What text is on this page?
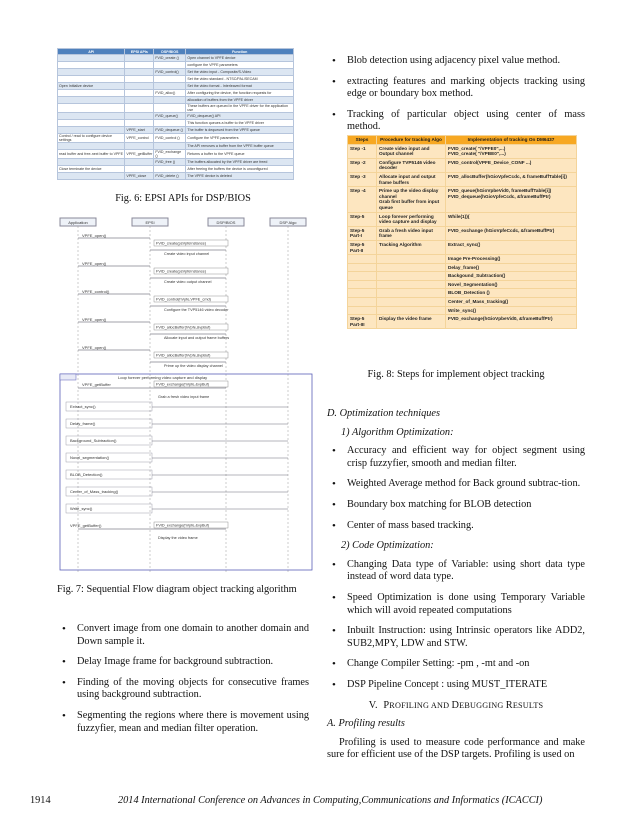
API	EPSI APIs	DSP/BIOS	Function
		FVID_create ()	Open channel to VPFE device
			configure the VPFE parameters
		FVID_control()	Set the video input - Composite/S-Video
			Set the video standard - NTSC/PAL/SECAM
Open Initialize device			Set the video format - Interleaved format
		FVID_alloc()	After configuring the device, the function requests for
			allocation of buffers from the VPFE driver
			These buffers are queued in the VPFE driver for the application use
		FVID_queue()	FVID_dequeue() API
			This function queues a buffer to the VPFE driver
	VPFE_start	FVID_dequeue ()	The buffer is dequeued from the VPFE queue
Control / read to configure device settings	VPFE_control	FVID_control ()	Configure the VPFE parameters
			The API removes a buffer from the VPFE buffer queue
read buffer and free-next buffer to VPFE	VPFE_getBuffer	FVID_exchange ()	Returns a buffer to the VPFE queue
		FVID_free ()	The buffers allocated by the VPFE driver are freed
Close terminate the device			After freeing the buffers the device is unconfigured
	VPFE_close	FVID_delete ()	The VPFE device is deleted
Fig. 6: EPSI APIs for DSP/BIOS
Application	EPSI	DSP/BIOS	DSP Algo
VPFE_open()
FVID_create(psVpfeInstance)
Create video input channel
VPFE_open()
FVID_create(psVpfeInstance)
Create video output channel
VPFE_control()
FVID_control(hVpfe,VPFE_cmd)
Configure the TVP5146 video decoder
VPFE_open()
FVID_allocBuffer(hVpfe,&vpBuf)
Allocate input and output frame buffers
VPFE_open()
FVID_allocBuffer(hVpfe,&vpBuf)
Prime up the video display channel
Loop forever performing video capture and display
VPFE_getBuffer	FVID_exchange(hVpfe,&vpBuf)
Grab a fresh video input frame
Extract_sync()
Delay_frame()
Background_Subtraction()
Novel_segmentation()
BLOB_Detection()
Center_of_Mass_tracking()
Write_sync()
VPFE_getBuffer()	FVID_exchange(hVpfe,&vpBuf)
Display the video frame
Fig. 7: Sequential Flow diagram object tracking algorithm
• Convert image from one domain to another domain and Down sample it.
• Delay Image frame for background subtraction.
• Finding of the moving objects for consecutive frames using background subtraction.
• Segmenting the regions where there is movement using fuzzyfier, mean and median filter operation.
• Blob detection using adjacency pixel value method.
• extracting features and marking objects tracking using edge or boundary box method.
• Tracking of particular object using center of mass method.
Steps	Procedure for tracking Algo	Implementation of tracking On DM6437
Step -1	Create video input and Output channel	FVID_create( "/VPFE0",...)
FVID_create( "/VPBE0",...)
Step -2	Configure TVP5146 video decoder	FVID_control(VPFE_Device_CONF ...)
Step -3	Allocate input and output frame buffers	FVID_allocBuffer(hGioVpfeCcdc, & frameBuffTable[i])
Step -4	Prime up the video display channel
Grab first buffer from input queue	FVID_queue(hGioVpbeVid0, frameBuffTable[i])
FVID_dequeue(hGioVpfeCcdc, &frameBuffPtr)
Step-5	Loop forever performing video capture and display	While(1)){
Step-5 Part-I	Grab a fresh video input frame	FVID_exchange (hGioVpfeCcdc, &frameBuffPtr)
Step-5 Part-II	Tracking Algorithm	Extract_sync()
		Image Pre-Processing()
		Delay_frame()
		Backgound_Subtraction()
		Novel_Segmentation()
		BLOB_Detection ()
		Center_of_Mass_tracking()
		Write_sync()
Step-5 Part-III	Display the video frame	FVID_exchange(hGioVpbeVid0, &frameBuffPtr)
Fig. 8: Steps for implement object tracking
D. Optimization techniques
1) Algorithm Optimization:
• Accuracy and efficient way for object segment using crisp fuzzyfier, smooth and median filter.
• Weighted Average method for Back ground subtrac-tion.
• Boundary box matching for BLOB detection
• Center of mass based tracking.
2) Code Optimization:
• Changing Data type of Variable: using short data type instead of word data type.
• Speed Optimization is done using Temporary Variable which will avoid repeated computations
• Inbuilt Instruction: using Intrinsic operators like ADD2, SUB2,MPY, LDW and STW.
• Change Compiler Setting: -pm , -mt and -on
• DSP Pipeline Concept : using MUST_ITERATE
V. PROFILING AND DEBUGGING RESULTS
A. Profiling results

Profiling is used to measure code performance and make sure for efficient use of the DSP targets. Profiling is used on

1914	2014 International Conference on Advances in Computing,Communications and Informatics (ICACCI)
